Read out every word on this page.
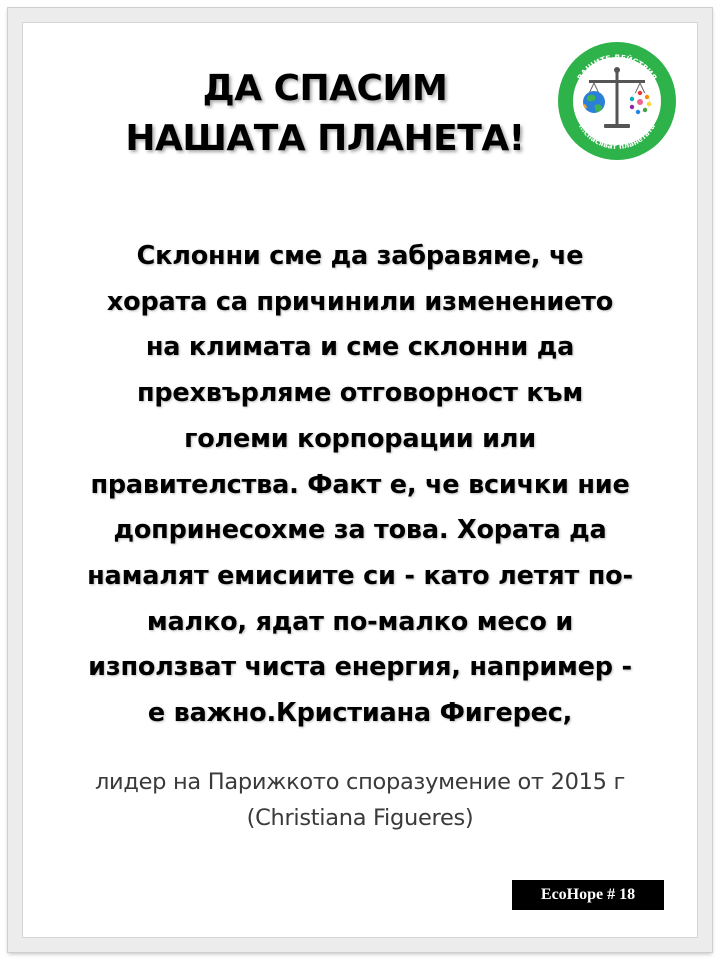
ДА СПАСИМ
НАШАТА ПЛАНЕТА!
ВАШИТЕ ДЕЙСТВИЯ
...спасяват планетата
Склонни сме да забравяме, че
хората са причинили изменението
на климата и сме склонни да
прехвърляме отговорност към
големи корпорации или
правителства. Факт е, че всички ние
допринесохме за това. Хората да
намалят емисиите си - като летят по-
малко, ядат по-малко месо и
използват чиста енергия, например -
е важно.Кристиана Фигерес,
лидер на Парижкото споразумение от 2015 г
(Christiana Figueres)
EcoHope # 18
